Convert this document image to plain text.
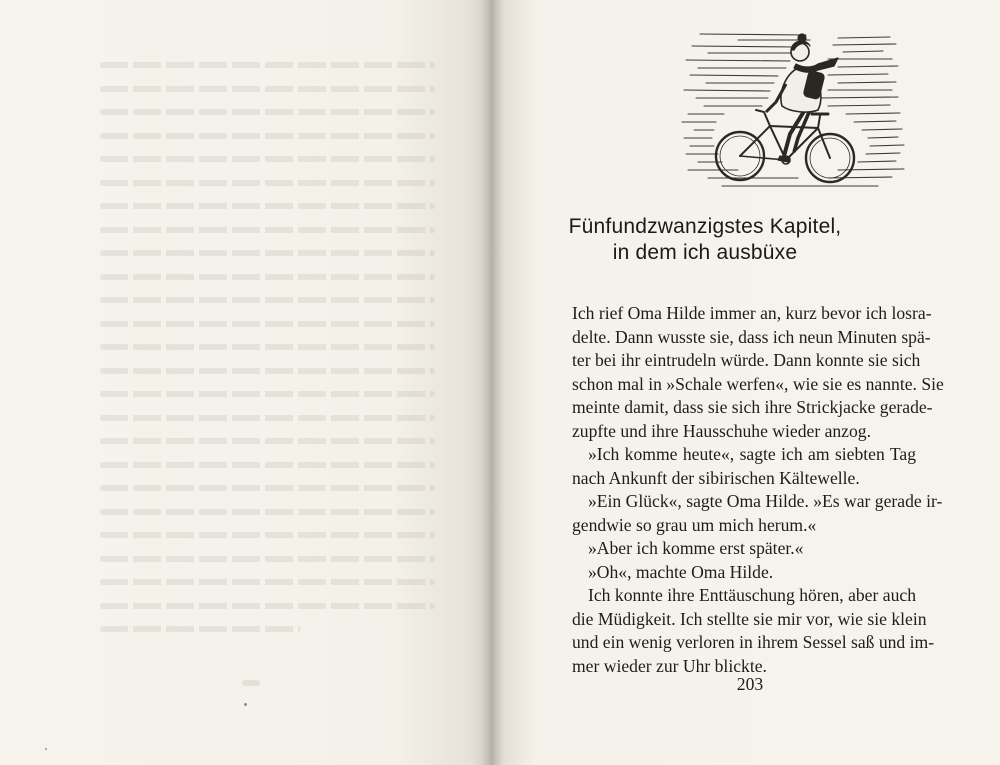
Fünfundzwanzigstes Kapitel,
in dem ich ausbüxe
Ich rief Oma Hilde immer an, kurz bevor ich losra-
delte. Dann wusste sie, dass ich neun Minuten spä-
ter bei ihr eintrudeln würde. Dann konnte sie sich
schon mal in »Schale werfen«, wie sie es nannte. Sie
meinte damit, dass sie sich ihre Strickjacke gerade-
zupfte und ihre Hausschuhe wieder anzog.
»Ich komme heute«, sagte ich am siebten Tag
nach Ankunft der sibirischen Kältewelle.
»Ein Glück«, sagte Oma Hilde. »Es war gerade ir-
gendwie so grau um mich herum.«
»Aber ich komme erst später.«
»Oh«, machte Oma Hilde.
Ich konnte ihre Enttäuschung hören, aber auch
die Müdigkeit. Ich stellte sie mir vor, wie sie klein
und ein wenig verloren in ihrem Sessel saß und im-
mer wieder zur Uhr blickte.
203
